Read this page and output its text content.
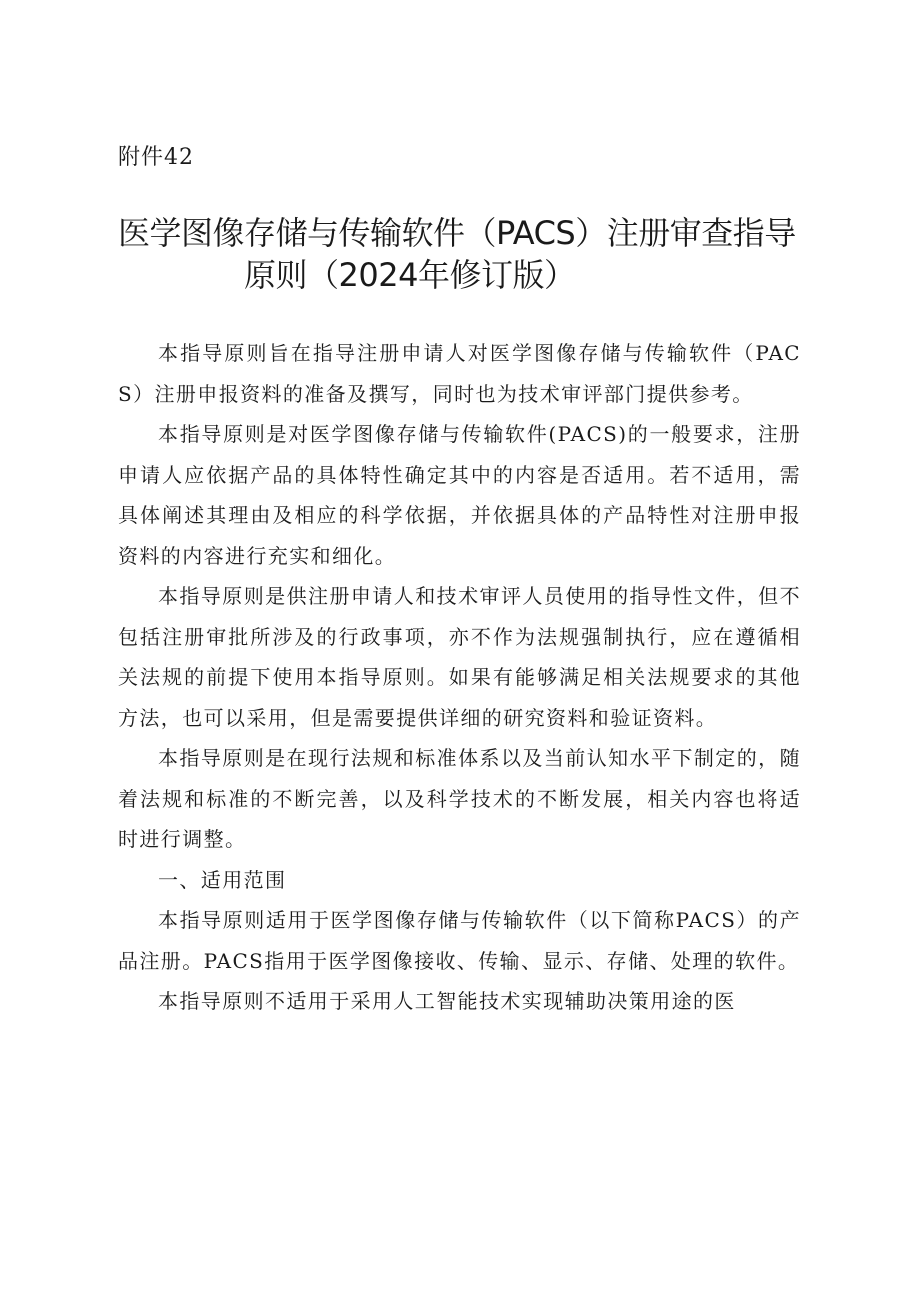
附件42
医学图像存储与传输软件（PACS）注册审查指导
原则（2024年修订版）

本指导原则旨在指导注册申请人对医学图像存储与传输软件（PACS）注册申报资料的准备及撰写，同时也为技术审评部门提供参考。

本指导原则是对医学图像存储与传输软件(PACS)的一般要求，注册申请人应依据产品的具体特性确定其中的内容是否适用。若不适用，需具体阐述其理由及相应的科学依据，并依据具体的产品特性对注册申报资料的内容进行充实和细化。

本指导原则是供注册申请人和技术审评人员使用的指导性文件，但不包括注册审批所涉及的行政事项，亦不作为法规强制执行，应在遵循相关法规的前提下使用本指导原则。如果有能够满足相关法规要求的其他方法，也可以采用，但是需要提供详细的研究资料和验证资料。

本指导原则是在现行法规和标准体系以及当前认知水平下制定的，随着法规和标准的不断完善，以及科学技术的不断发展，相关内容也将适时进行调整。

一、适用范围

本指导原则适用于医学图像存储与传输软件（以下简称PACS）的产品注册。PACS指用于医学图像接收、传输、显示、存储、处理的软件。

本指导原则不适用于采用人工智能技术实现辅助决策用途的医
